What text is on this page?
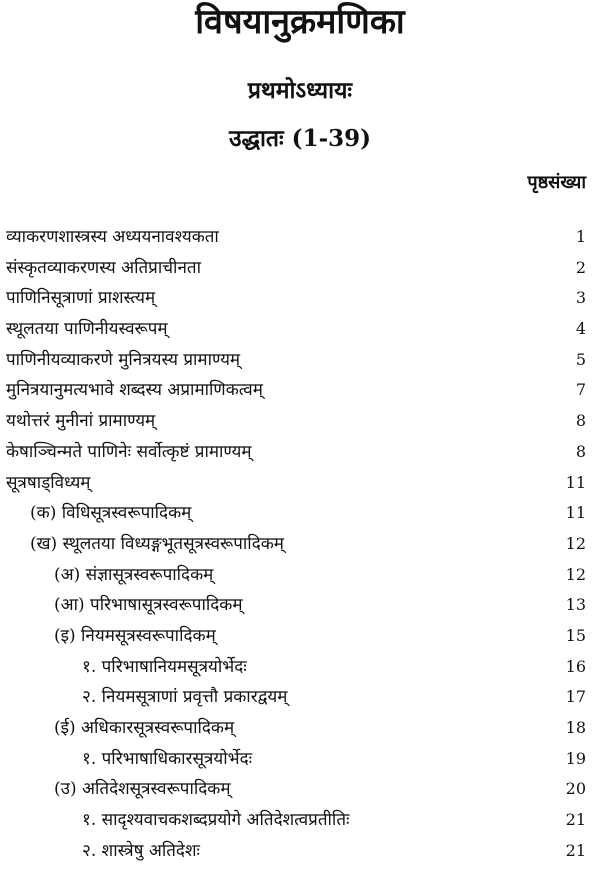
विषयानुक्रमणिका
प्रथमोऽध्यायः
उद्धातः (1-39)
पृष्ठसंख्या
व्याकरणशास्त्रस्य अध्ययनावश्यकता	1
संस्कृतव्याकरणस्य अतिप्राचीनता	2
पाणिनिसूत्राणां प्राशस्त्यम्	3
स्थूलतया पाणिनीयस्वरूपम्	4
पाणिनीयव्याकरणे मुनित्रयस्य प्रामाण्यम्	5
मुनित्रयानुमत्यभावे शब्दस्य अप्रामाणिकत्वम्	7
यथोत्तरं मुनीनां प्रामाण्यम्	8
केषाञ्चिन्मते पाणिनेः सर्वोत्कृष्टं प्रामाण्यम्	8
सूत्रषाड्विध्यम्	11
(क) विधिसूत्रस्वरूपादिकम्	11
(ख) स्थूलतया विध्यङ्गभूतसूत्रस्वरूपादिकम्	12
(अ) संज्ञासूत्रस्वरूपादिकम्	12
(आ) परिभाषासूत्रस्वरूपादिकम्	13
(इ) नियमसूत्रस्वरूपादिकम्	15
१. परिभाषानियमसूत्रयोर्भेदः	16
२. नियमसूत्राणां प्रवृत्तौ प्रकारद्वयम्	17
(ई) अधिकारसूत्रस्वरूपादिकम्	18
१. परिभाषाधिकारसूत्रयोर्भेदः	19
(उ) अतिदेशसूत्रस्वरूपादिकम्	20
१. सादृश्यवाचकशब्दप्रयोगे अतिदेशत्वप्रतीतिः	21
२. शास्त्रेषु अतिदेशः	21
